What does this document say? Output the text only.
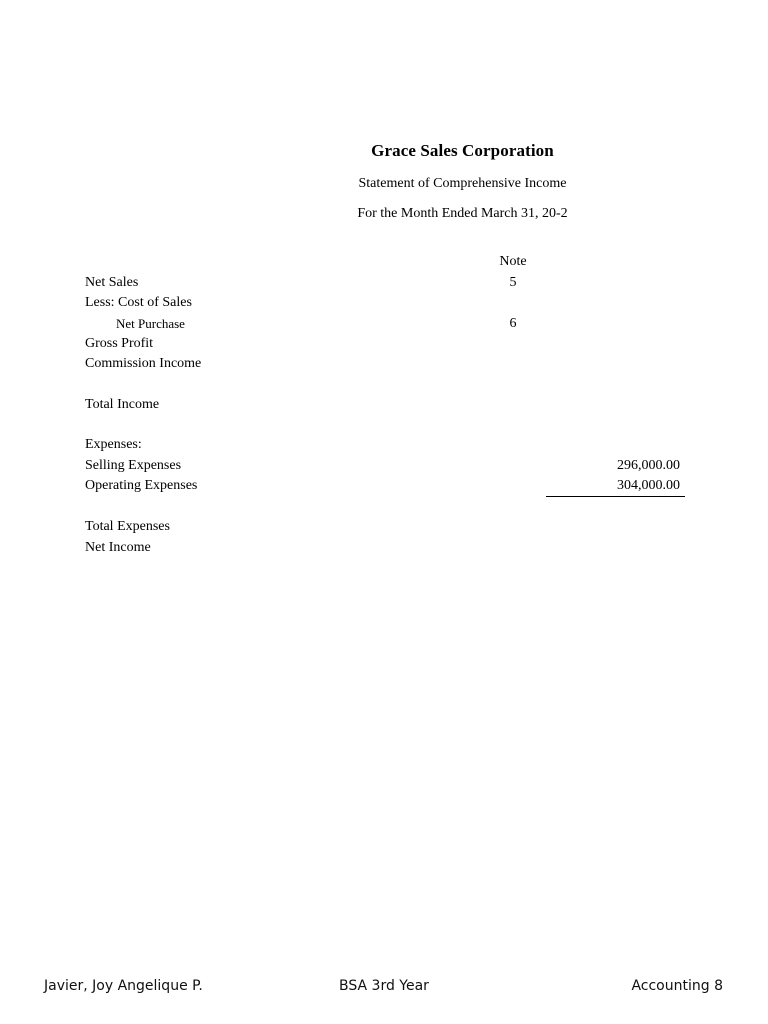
Grace Sales Corporation
Statement of Comprehensive Income
For the Month Ended March 31, 20-2
Note
Net Sales	5
Less: Cost of Sales
Net Purchase	6
Gross Profit
Commission Income
Total Income
Expenses:
Selling Expenses	296,000.00
Operating Expenses	304,000.00
Total Expenses
Net Income
Javier, Joy Angelique P.	BSA 3rd Year	Accounting 8
